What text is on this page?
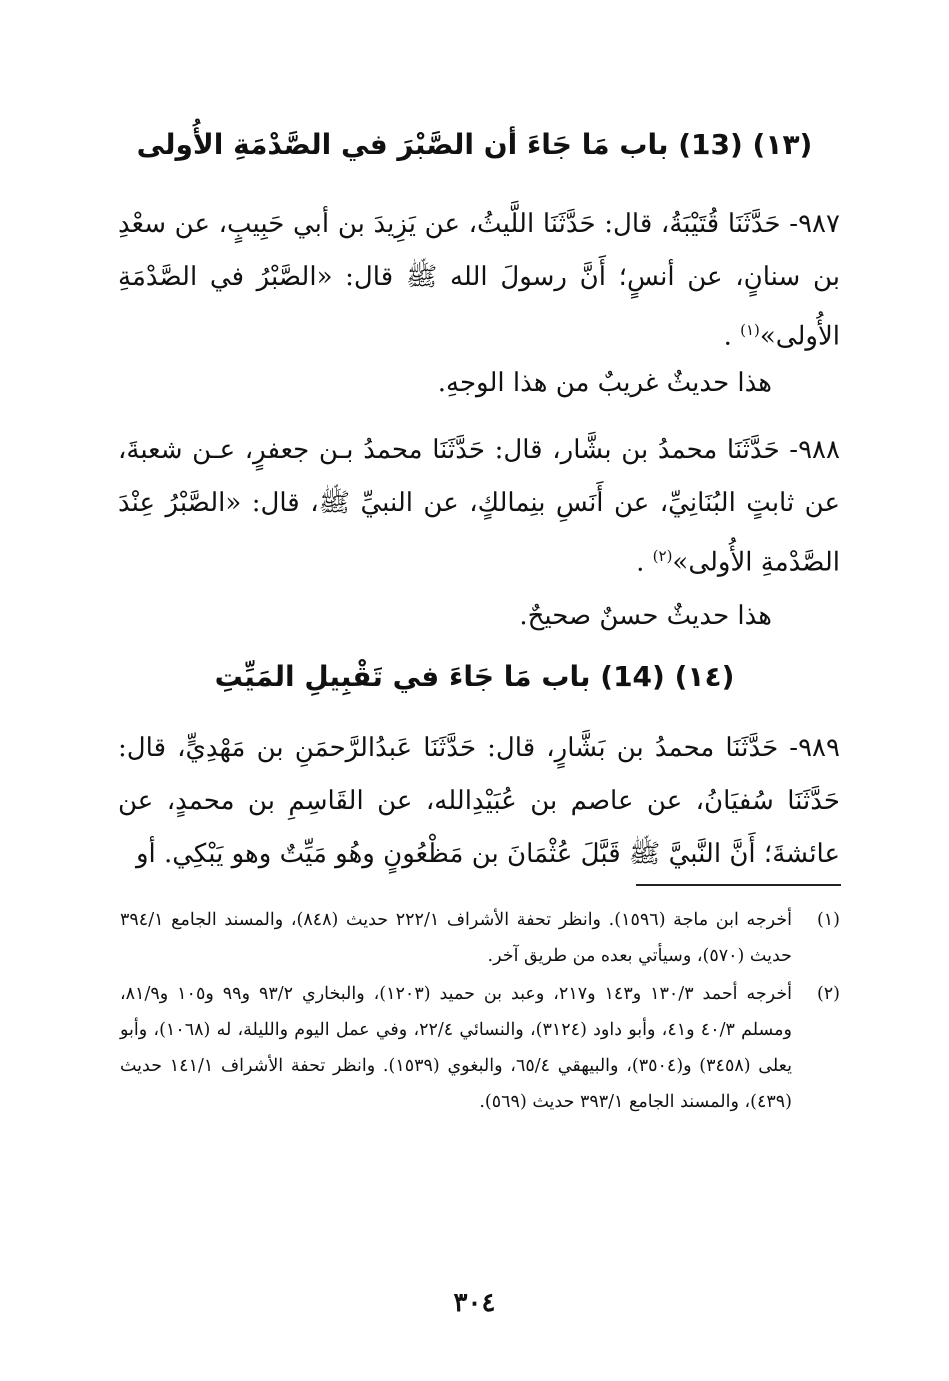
(١٣) (13) باب مَا جَاءَ أن الصَّبْرَ في الصَّدْمَةِ الأُولى
٩٨٧- حَدَّثَنَا قُتَيْبَةُ، قال: حَدَّثَنَا اللَّيثُ، عن يَزِيدَ بن أبي حَبِيبٍ، عن سعْدِ بن سنانٍ، عن أنسٍ؛ أَنَّ رسولَ الله ﷺ قال: «الصَّبْرُ في الصَّدْمَةِ الأُولى»$^{(١)}$ .
هذا حديثٌ غريبٌ من هذا الوجهِ.
٩٨٨- حَدَّثَنَا محمدُ بن بشَّار، قال: حَدَّثَنَا محمدُ بـن جعفرٍ، عـن شعبةَ، عن ثابتٍ البُنَانِيِّ، عن أَنَسِ بنِمالكٍ، عن النبيِّ ﷺ، قال: «الصَّبْرُ عِنْدَ الصَّدْمةِ الأُولى»$^{(٢)}$ .
هذا حديثٌ حسنٌ صحيحٌ.
(١٤) (14) باب مَا جَاءَ في تَقْبِيلِ المَيِّتِ
٩٨٩- حَدَّثَنَا محمدُ بن بَشَّارٍ، قال: حَدَّثَنَا عَبدُالرَّحمَنِ بن مَهْدِيٍّ، قال: حَدَّثَنَا سُفيَانُ، عن عاصم بن عُبَيْدِالله، عن القَاسِمِ بن محمدٍ، عن عائشةَ؛ أَنَّ النَّبيَّ ﷺ قَبَّلَ عُثْمَانَ بن مَظْعُونٍ وهُو مَيِّتٌ وهو يَبْكِي. أو
(١)
أخرجه ابن ماجة (١٥٩٦). وانظر تحفة الأشراف ٢٢٢/١ حديث (٨٤٨)، والمسند الجامع ٣٩٤/١ حديث (٥٧٠)، وسيأتي بعده من طريق آخر.
(٢)
أخرجه أحمد ١٣٠/٣ و١٤٣ و٢١٧، وعبد بن حميد (١٢٠٣)، والبخاري ٩٣/٢ و٩٩ و١٠٥ و٨١/٩، ومسلم ٤٠/٣ و٤١، وأبو داود (٣١٢٤)، والنسائي ٢٢/٤، وفي عمل اليوم والليلة، له (١٠٦٨)، وأبو يعلى (٣٤٥٨) و(٣٥٠٤)، والبيهقي ٦٥/٤، والبغوي (١٥٣٩). وانظر تحفة الأشراف ١٤١/١ حديث (٤٣٩)، والمسند الجامع ٣٩٣/١ حديث (٥٦٩).
٣٠٤
